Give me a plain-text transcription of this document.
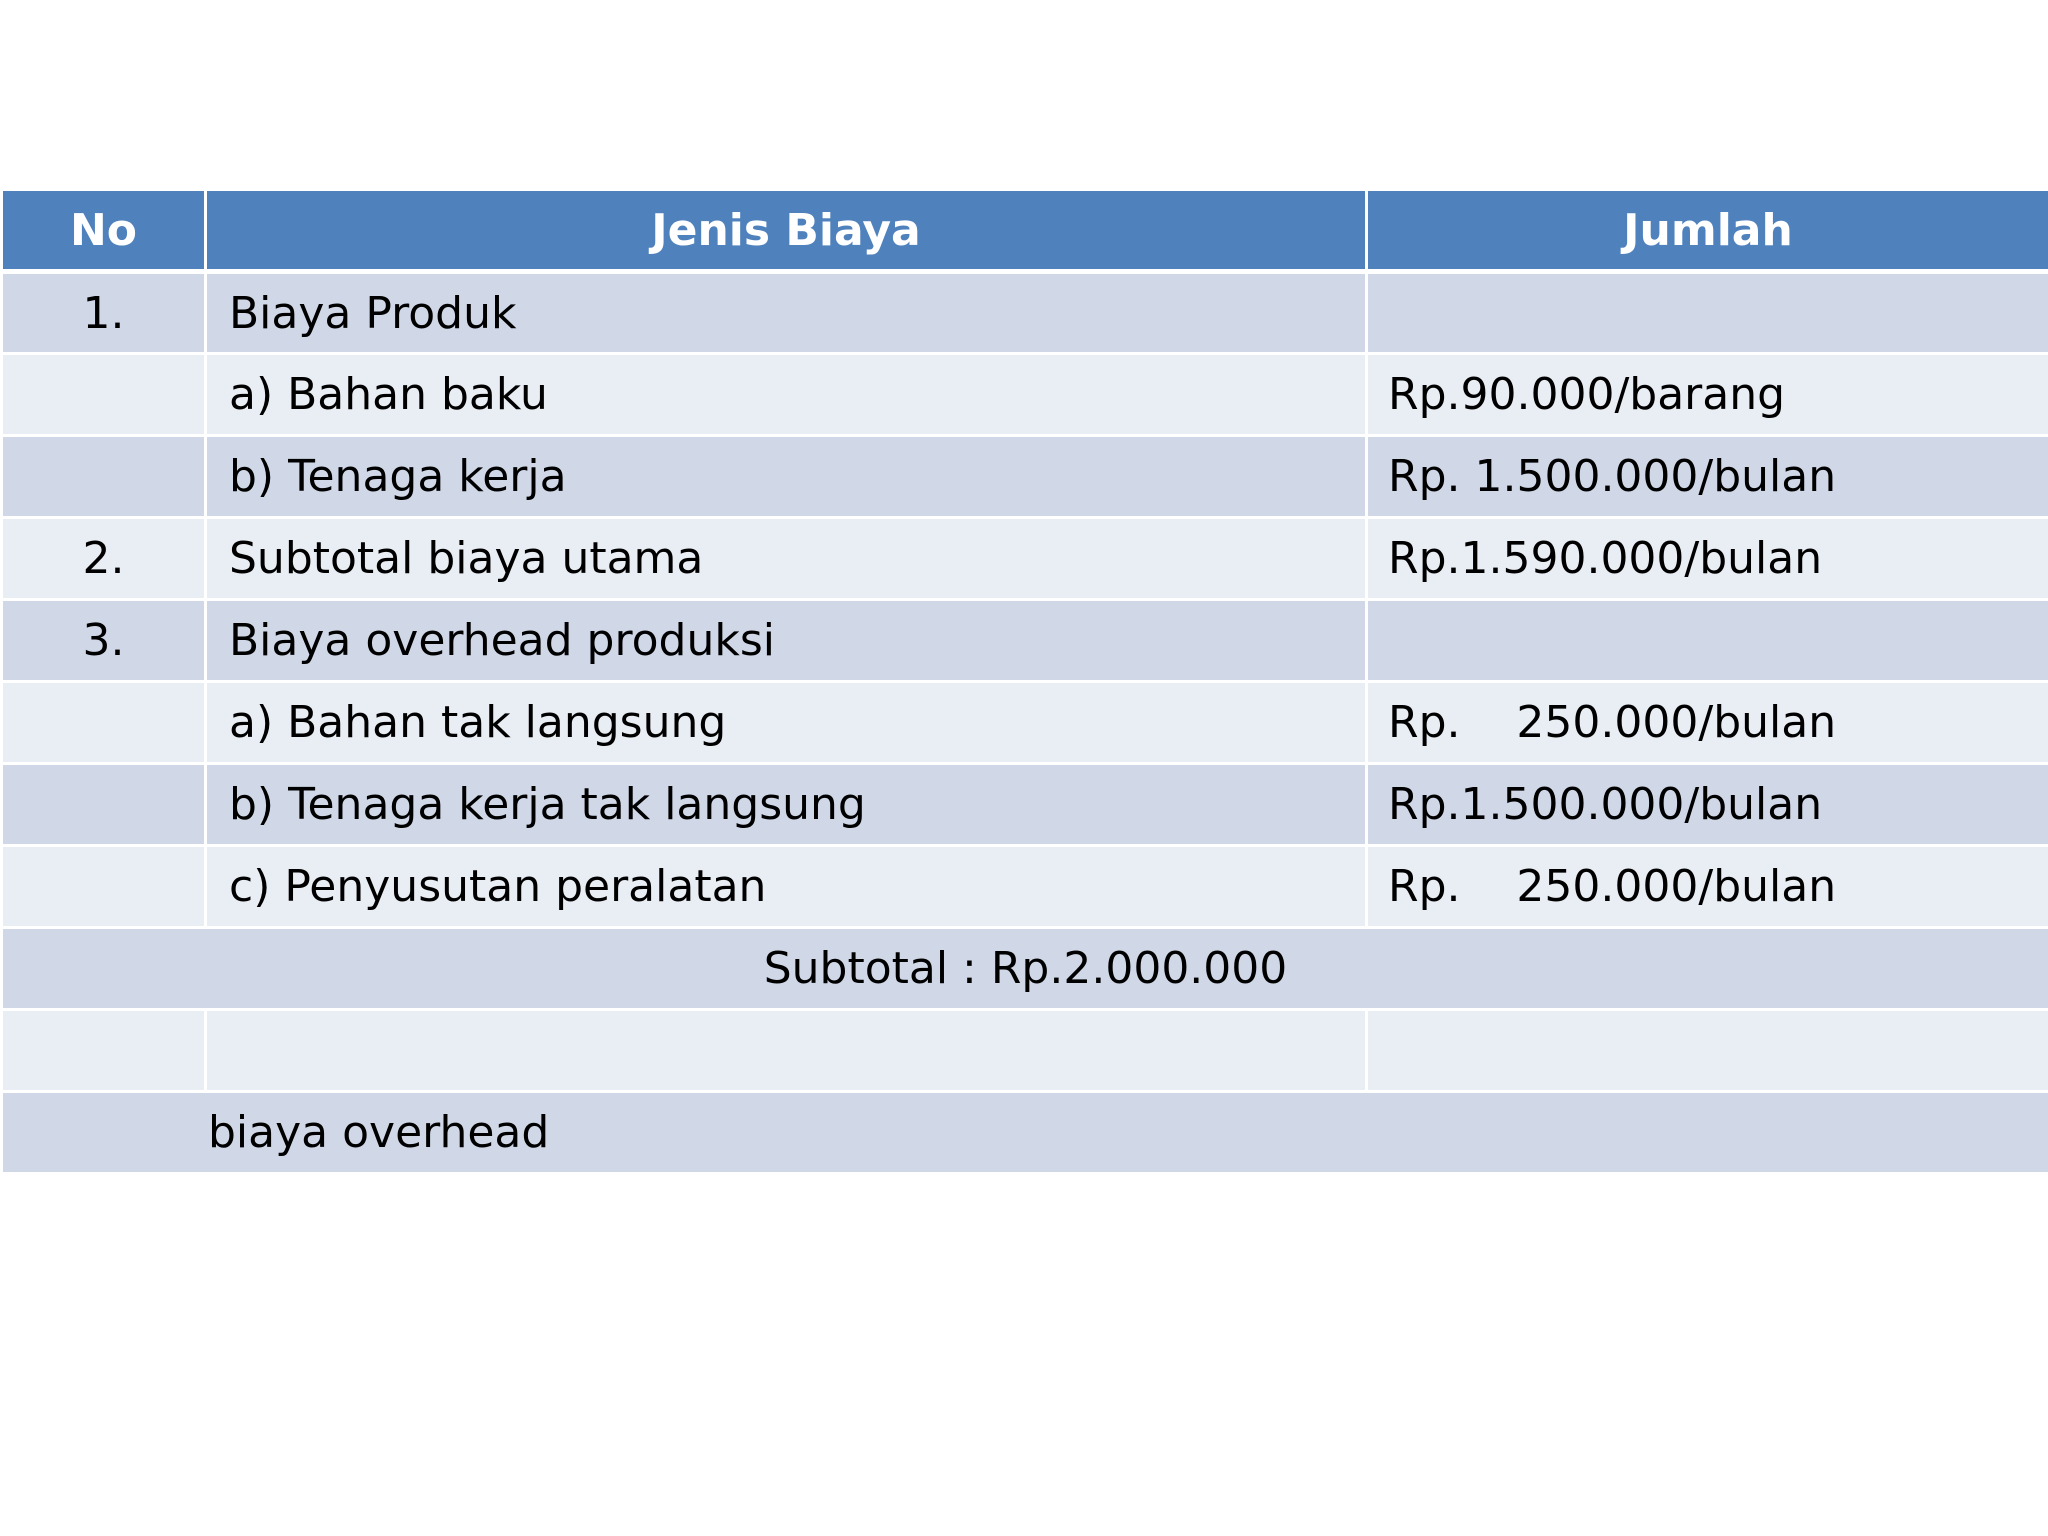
No	Jenis Biaya	Jumlah
1.	Biaya Produk	
	a) Bahan baku	Rp.90.000/barang
	b) Tenaga kerja	Rp. 1.500.000/bulan
2.	Subtotal biaya utama	Rp.1.590.000/bulan
3.	Biaya overhead produksi	
	a) Bahan tak langsung	Rp.    250.000/bulan
	b) Tenaga kerja tak langsung	Rp.1.500.000/bulan
	c) Penyusutan peralatan	Rp.    250.000/bulan
Subtotal : Rp.2.000.000		

biaya overhead		
